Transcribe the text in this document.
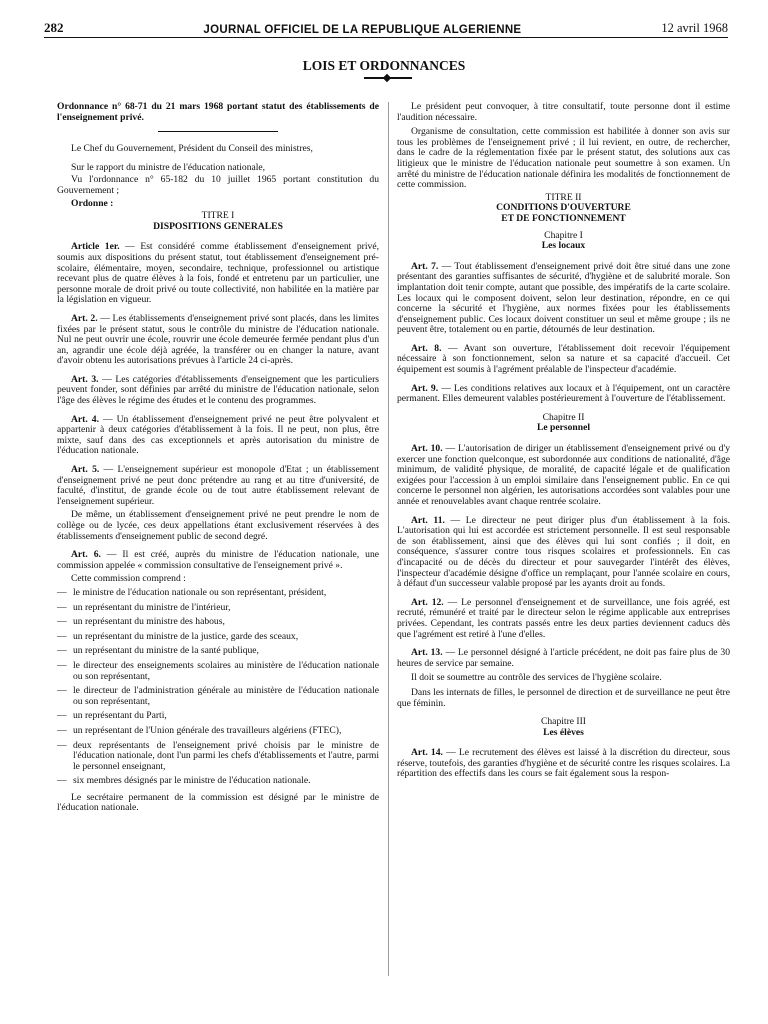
282	JOURNAL OFFICIEL DE LA REPUBLIQUE ALGERIENNE	12 avril 1968
LOIS ET ORDONNANCES

Ordonnance n° 68-71 du 21 mars 1968 portant statut des établissements de l'enseignement privé.

Le Chef du Gouvernement, Président du Conseil des ministres,

Sur le rapport du ministre de l'éducation nationale,

Vu l'ordonnance n° 65-182 du 10 juillet 1965 portant constitution du Gouvernement ;

Ordonne :

TITRE I

DISPOSITIONS GENERALES

Article 1er. — Est considéré comme établissement d'enseignement privé, soumis aux dispositions du présent statut, tout établissement d'enseignement pré-scolaire, élémentaire, moyen, secondaire, technique, professionnel ou artistique recevant plus de quatre élèves à la fois, fondé et entretenu par un particulier, une personne morale de droit privé ou toute collectivité, non habilitée en la matière par la législation en vigueur.

Art. 2. — Les établissements d'enseignement privé sont placés, dans les limites fixées par le présent statut, sous le contrôle du ministre de l'éducation nationale. Nul ne peut ouvrir une école, rouvrir une école demeurée fermée pendant plus d'un an, agrandir une école déjà agréée, la transférer ou en changer la nature, avant d'avoir obtenu les autorisations prévues à l'article 24 ci-après.

Art. 3. — Les catégories d'établissements d'enseignement que les particuliers peuvent fonder, sont définies par arrêté du ministre de l'éducation nationale, selon l'âge des élèves le régime des études et le contenu des programmes.

Art. 4. — Un établissement d'enseignement privé ne peut être polyvalent et appartenir à deux catégories d'établissement à la fois. Il ne peut, non plus, être mixte, sauf dans des cas exceptionnels et après autorisation du ministre de l'éducation nationale.

Art. 5. — L'enseignement supérieur est monopole d'Etat ; un établissement d'enseignement privé ne peut donc prétendre au rang et au titre d'université, de faculté, d'institut, de grande école ou de tout autre établissement relevant de l'enseignement supérieur.

De même, un établissement d'enseignement privé ne peut prendre le nom de collège ou de lycée, ces deux appellations étant exclusivement réservées à des établissements d'enseignement public de second degré.

Art. 6. — Il est créé, auprès du ministre de l'éducation nationale, une commission appelée « commission consultative de l'enseignement privé ».

Cette commission comprend :

— le ministre de l'éducation nationale ou son représentant, président,
— un représentant du ministre de l'intérieur,
— un représentant du ministre des habous,
— un représentant du ministre de la justice, garde des sceaux,
— un représentant du ministre de la santé publique,
— le directeur des enseignements scolaires au ministère de l'éducation nationale ou son représentant,
— le directeur de l'administration générale au ministère de l'éducation nationale ou son représentant,
— un représentant du Parti,
— un représentant de l'Union générale des travailleurs algériens (FTEC),
— deux représentants de l'enseignement privé choisis par le ministre de l'éducation nationale, dont l'un parmi les chefs d'établissements et l'autre, parmi le personnel enseignant,
— six membres désignés par le ministre de l'éducation nationale.

Le secrétaire permanent de la commission est désigné par le ministre de l'éducation nationale.

Le président peut convoquer, à titre consultatif, toute personne dont il estime l'audition nécessaire.

Organisme de consultation, cette commission est habilitée à donner son avis sur tous les problèmes de l'enseignement privé ; il lui revient, en outre, de rechercher, dans le cadre de la réglementation fixée par le présent statut, des solutions aux cas litigieux que le ministre de l'éducation nationale peut soumettre à son examen. Un arrêté du ministre de l'éducation nationale définira les modalités de fonctionnement de cette commission.

TITRE II

CONDITIONS D'OUVERTURE

ET DE FONCTIONNEMENT

Chapitre I

Les locaux

Art. 7. — Tout établissement d'enseignement privé doit être situé dans une zone présentant des garanties suffisantes de sécurité, d'hygiène et de salubrité morale. Son implantation doit tenir compte, autant que possible, des impératifs de la carte scolaire. Les locaux qui le composent doivent, selon leur destination, répondre, en ce qui concerne la sécurité et l'hygiène, aux normes fixées pour les établissements d'enseignement public. Ces locaux doivent constituer un seul et même groupe ; ils ne peuvent être, totalement ou en partie, détournés de leur destination.

Art. 8. — Avant son ouverture, l'établissement doit recevoir l'équipement nécessaire à son fonctionnement, selon sa nature et sa capacité d'accueil. Cet équipement est soumis à l'agrément préalable de l'inspecteur d'académie.

Art. 9. — Les conditions relatives aux locaux et à l'équipement, ont un caractère permanent. Elles demeurent valables postérieurement à l'ouverture de l'établissement.

Chapitre II

Le personnel

Art. 10. — L'autorisation de diriger un établissement d'enseignement privé ou d'y exercer une fonction quelconque, est subordonnée aux conditions de nationalité, d'âge minimum, de validité physique, de moralité, de capacité légale et de qualification exigées pour l'accession à un emploi similaire dans l'enseignement public. En ce qui concerne le personnel non algérien, les autorisations accordées sont valables pour une année et renouvelables avant chaque rentrée scolaire.

Art. 11. — Le directeur ne peut diriger plus d'un établissement à la fois. L'autorisation qui lui est accordée est strictement personnelle. Il est seul responsable de son établissement, ainsi que des élèves qui lui sont confiés ; il doit, en conséquence, s'assurer contre tous risques scolaires et professionnels. En cas d'incapacité ou de décès du directeur et pour sauvegarder l'intérêt des élèves, l'inspecteur d'académie désigne d'office un remplaçant, pour l'année scolaire en cours, à défaut d'un successeur valable proposé par les ayants droit au fonds.

Art. 12. — Le personnel d'enseignement et de surveillance, une fois agréé, est recruté, rémunéré et traité par le directeur selon le régime applicable aux entreprises privées. Cependant, les contrats passés entre les deux parties deviennent caducs dès que l'agrément est retiré à l'une d'elles.

Art. 13. — Le personnel désigné à l'article précédent, ne doit pas faire plus de 30 heures de service par semaine.

Il doit se soumettre au contrôle des services de l'hygiène scolaire.

Dans les internats de filles, le personnel de direction et de surveillance ne peut être que féminin.

Chapitre III

Les élèves

Art. 14. — Le recrutement des élèves est laissé à la discrétion du directeur, sous réserve, toutefois, des garanties d'hygiène et de sécurité contre les risques scolaires. La répartition des effectifs dans les cours se fait également sous la respon-
